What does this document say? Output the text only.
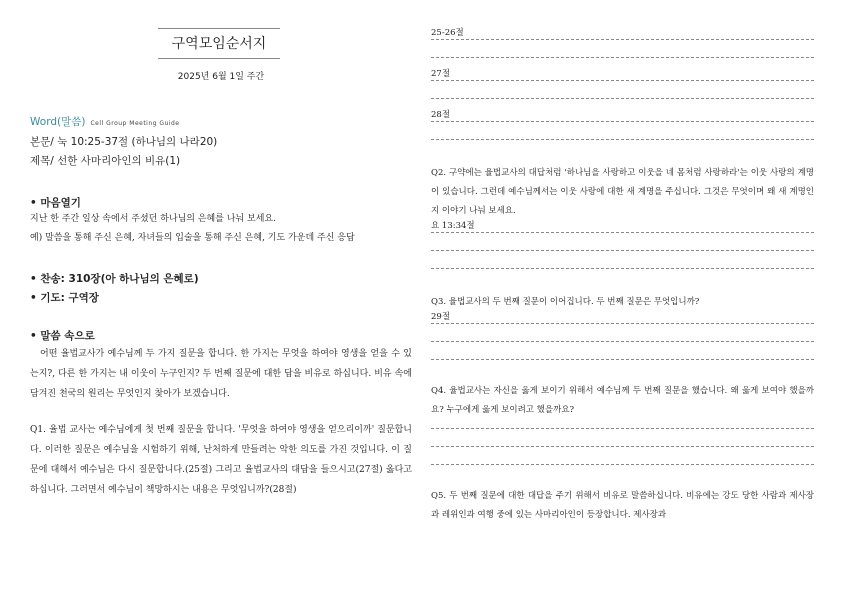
구역모임순서지
2025년 6월 1일 주간
Word(말씀) Cell Group Meeting Guide
본문/ 눅 10:25-37절 (하나님의 나라20)
제목/ 선한 사마리아인의 비유(1)
• 마음열기
지난 한 주간 일상 속에서 주셨던 하나님의 은혜를 나눠 보세요.
예) 말씀을 통해 주신 은혜, 자녀들의 입술을 통해 주신 은혜, 기도 가운데 주신 응답
• 찬송: 310장(아 하나님의 은혜로)
• 기도: 구역장
• 말씀 속으로
어떤 율법교사가 예수님께 두 가지 질문을 합니다. 한 가지는 무엇을 하여야 영생을 얻을 수 있는지?, 다른 한 가지는 내 이웃이 누구인지? 두 번째 질문에 대한 답을 비유로 하십니다. 비유 속에 담겨진 천국의 원리는 무엇인지 찾아가 보겠습니다.
Q1. 율법 교사는 예수님에게 첫 번째 질문을 합니다. '무엇을 하여야 영생을 얻으리이까' 질문합니다. 이러한 질문은 예수님을 시험하기 위해, 난처하게 만들려는 악한 의도를 가진 것입니다. 이 질문에 대해서 예수님은 다시 질문합니다.(25절) 그리고 율법교사의 대답을 들으시고(27절) 옳다고 하십니다. 그러면서 예수님이 책망하시는 내용은 무엇입니까?(28절)
25-26절
27절
28절
Q2. 구약에는 율법교사의 대답처럼 '하나님을 사랑하고 이웃을 네 몸처럼 사랑하라'는 이웃 사랑의 계명이 있습니다. 그런데 예수님께서는 이웃 사랑에 대한 새 계명을 주십니다. 그것은 무엇이며 왜 새 계명인지 이야기 나눠 보세요.
요 13:34절
Q3. 율법교사의 두 번째 질문이 이어집니다. 두 번째 질문은 무엇입니까?
29절
Q4. 율법교사는 자신을 옳게 보이기 위해서 예수님께 두 번째 질문을 했습니다. 왜 옳게 보여야 했을까요? 누구에게 옳게 보이려고 했을까요?
Q5. 두 번째 질문에 대한 대답을 주기 위해서 비유로 말씀하십니다. 비유에는 강도 당한 사람과 제사장과 레위인과 여행 중에 있는 사마리아인이 등장합니다. 제사장과
